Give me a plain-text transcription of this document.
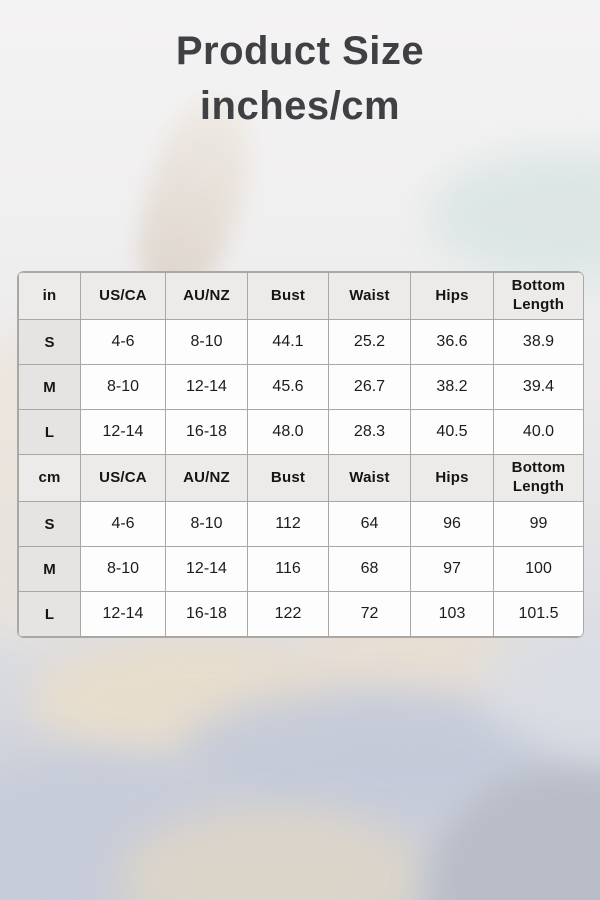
Product Size
inches/cm
in	US/CA	AU/NZ	Bust	Waist	Hips	Bottom Length
S	4-6	8-10	44.1	25.2	36.6	38.9
M	8-10	12-14	45.6	26.7	38.2	39.4
L	12-14	16-18	48.0	28.3	40.5	40.0
cm	US/CA	AU/NZ	Bust	Waist	Hips	Bottom Length
S	4-6	8-10	112	64	96	99
M	8-10	12-14	116	68	97	100
L	12-14	16-18	122	72	103	101.5
